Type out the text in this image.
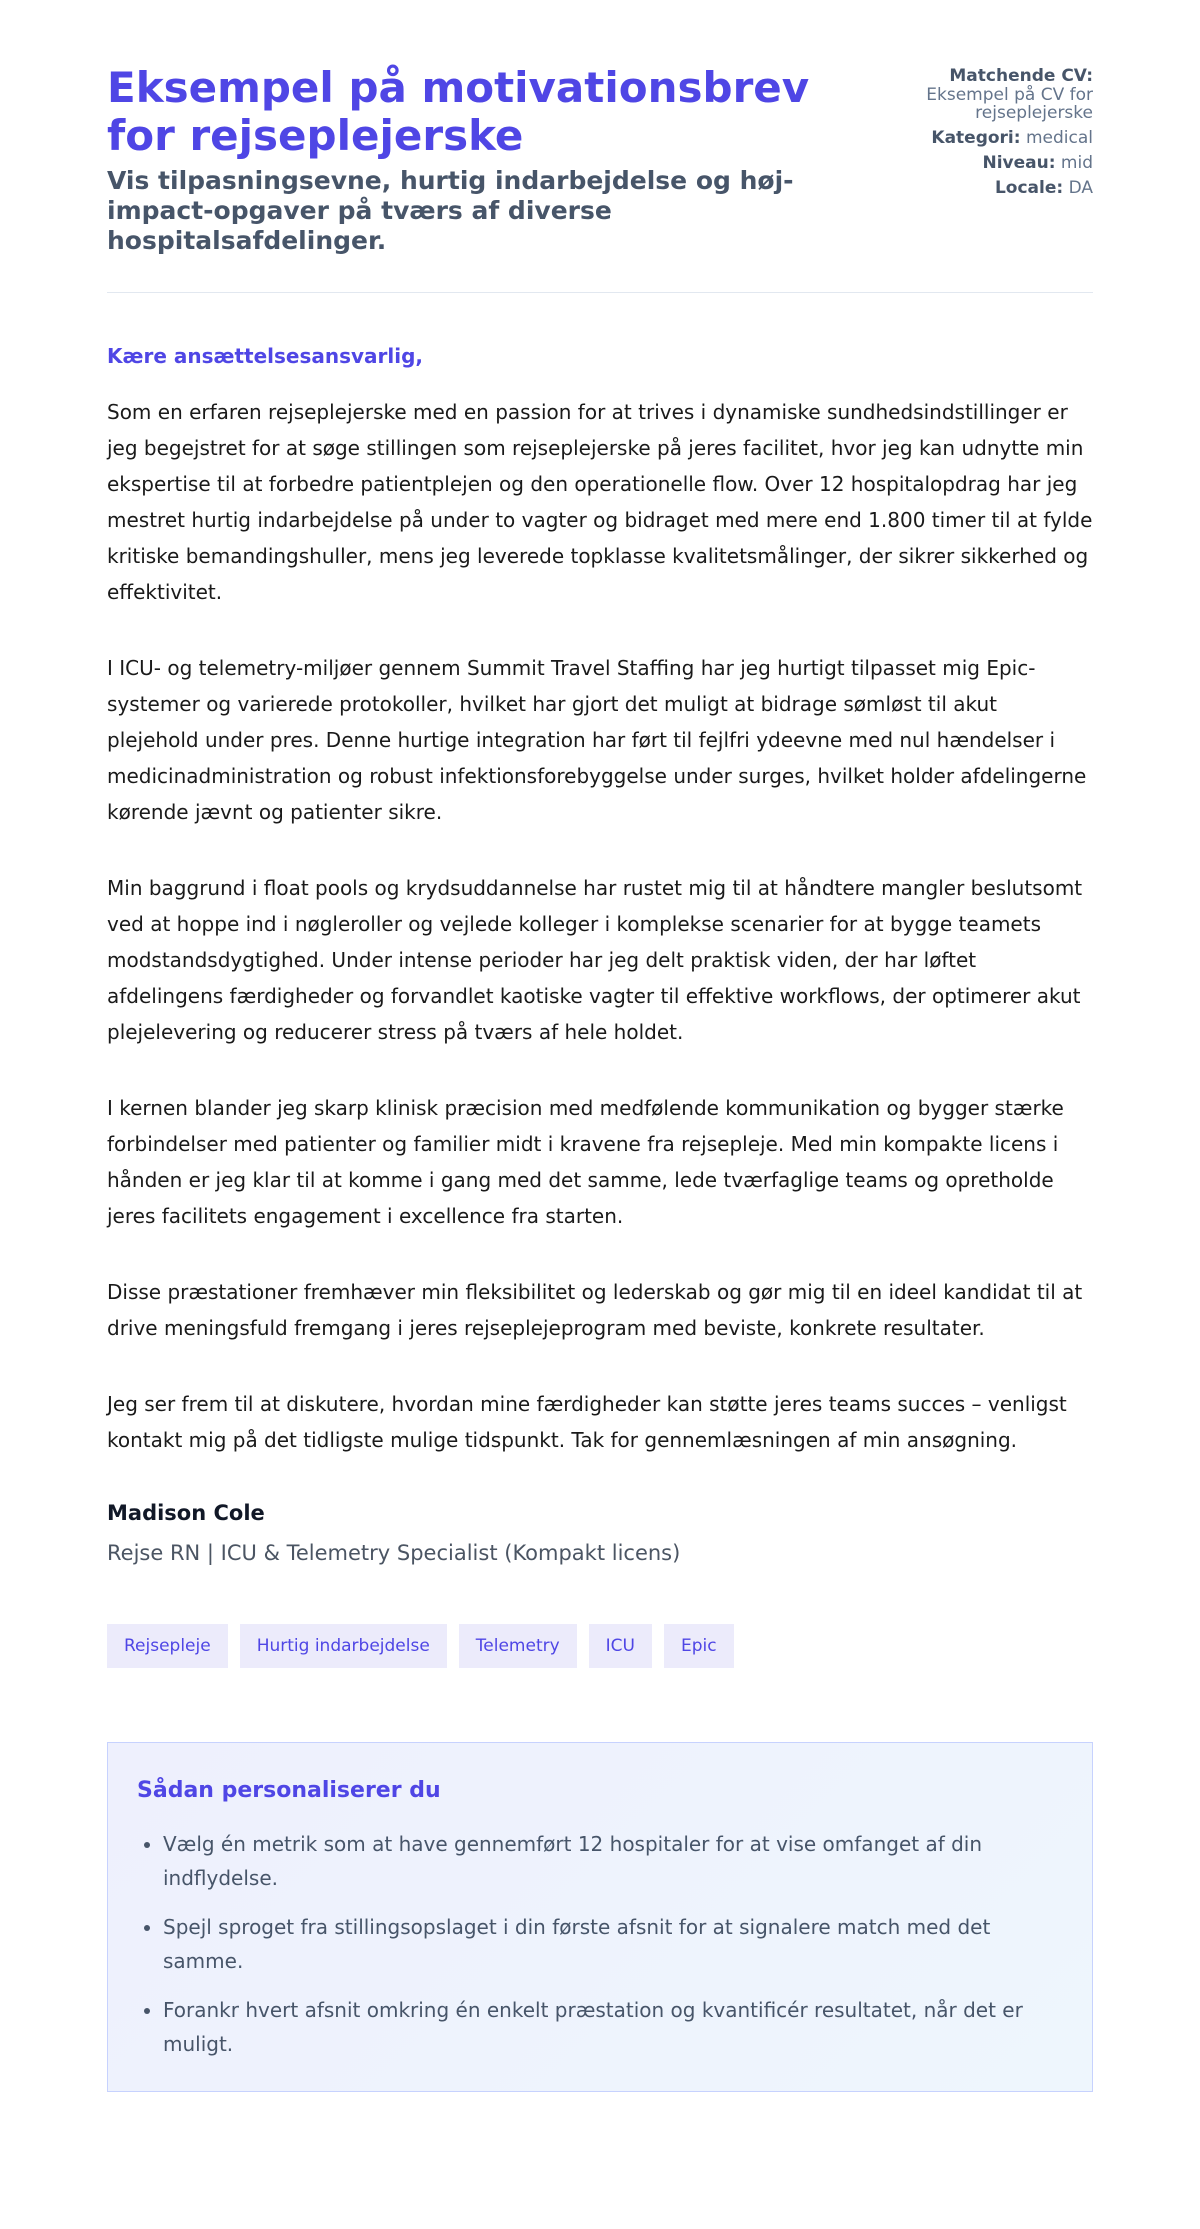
Eksempel på motivationsbrev for rejseplejerske
Vis tilpasningsevne, hurtig indarbejdelse og høj-impact-opgaver på tværs af diverse hospitalsafdelinger.
Matchende CV:
Eksempel på CV for rejseplejerske
Kategori: medical
Niveau: mid
Locale: DA
Kære ansættelsesansvarlig,

Som en erfaren rejseplejerske med en passion for at trives i dynamiske sundhedsindstillinger er jeg begejstret for at søge stillingen som rejseplejerske på jeres facilitet, hvor jeg kan udnytte min ekspertise til at forbedre patientplejen og den operationelle flow. Over 12 hospitalopdrag har jeg mestret hurtig indarbejdelse på under to vagter og bidraget med mere end 1.800 timer til at fylde kritiske bemandingshuller, mens jeg leverede topklasse kvalitetsmålinger, der sikrer sikkerhed og effektivitet.

I ICU- og telemetry-miljøer gennem Summit Travel Staffing har jeg hurtigt tilpasset mig Epic-systemer og varierede protokoller, hvilket har gjort det muligt at bidrage sømløst til akut plejehold under pres. Denne hurtige integration har ført til fejlfri ydeevne med nul hændelser i medicinadministration og robust infektionsforebyggelse under surges, hvilket holder afdelingerne kørende jævnt og patienter sikre.

Min baggrund i float pools og krydsuddannelse har rustet mig til at håndtere mangler beslutsomt ved at hoppe ind i nøgleroller og vejlede kolleger i komplekse scenarier for at bygge teamets modstandsdygtighed. Under intense perioder har jeg delt praktisk viden, der har løftet afdelingens færdigheder og forvandlet kaotiske vagter til effektive workflows, der optimerer akut plejelevering og reducerer stress på tværs af hele holdet.

I kernen blander jeg skarp klinisk præcision med medfølende kommunikation og bygger stærke forbindelser med patienter og familier midt i kravene fra rejsepleje. Med min kompakte licens i hånden er jeg klar til at komme i gang med det samme, lede tværfaglige teams og opretholde jeres facilitets engagement i excellence fra starten.

Disse præstationer fremhæver min fleksibilitet og lederskab og gør mig til en ideel kandidat til at drive meningsfuld fremgang i jeres rejseplejeprogram med beviste, konkrete resultater.

Jeg ser frem til at diskutere, hvordan mine færdigheder kan støtte jeres teams succes – venligst kontakt mig på det tidligste mulige tidspunkt. Tak for gennemlæsningen af min ansøgning.

Madison Cole
Rejse RN | ICU & Telemetry Specialist (Kompakt licens)
Rejsepleje	Hurtig indarbejdelse	Telemetry	ICU	Epic
Sådan personaliserer du
• Vælg én metrik som at have gennemført 12 hospitaler for at vise omfanget af din indflydelse.
• Spejl sproget fra stillingsopslaget i din første afsnit for at signalere match med det samme.
• Forankr hvert afsnit omkring én enkelt præstation og kvantificér resultatet, når det er muligt.
